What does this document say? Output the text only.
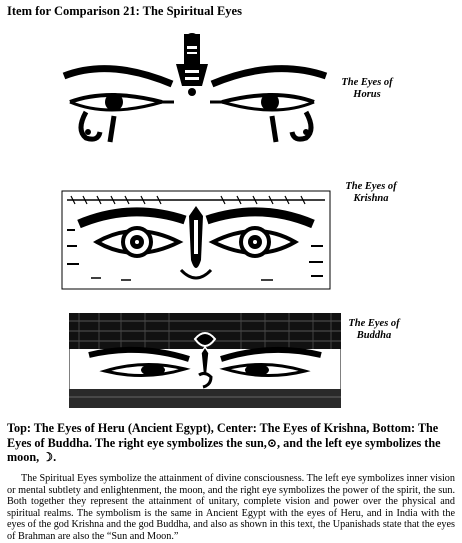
Item for Comparison 21: The Spiritual Eyes
The Eyes of
Horus
The Eyes of
Krishna
The Eyes of
Buddha
Top: The Eyes of Heru (Ancient Egypt), Center: The Eyes of Krishna, Bottom: The Eyes of Buddha. The right eye symbolizes the sun,⊙, and the left eye symbolizes the moon, ☽.
The Spiritual Eyes symbolize the attainment of divine consciousness. The left eye symbolizes inner vision or mental subtlety and enlightenment, the moon, and the right eye symbolizes the power of the spirit, the sun. Both together they represent the attainment of unitary, complete vision and power over the physical and spiritual realms. The symbolism is the same in Ancient Egypt with the eyes of Heru, and in India with the eyes of the god Krishna and the god Buddha, and also as shown in this text, the Upanishads state that the eyes of Brahman are also the “Sun and Moon.”
